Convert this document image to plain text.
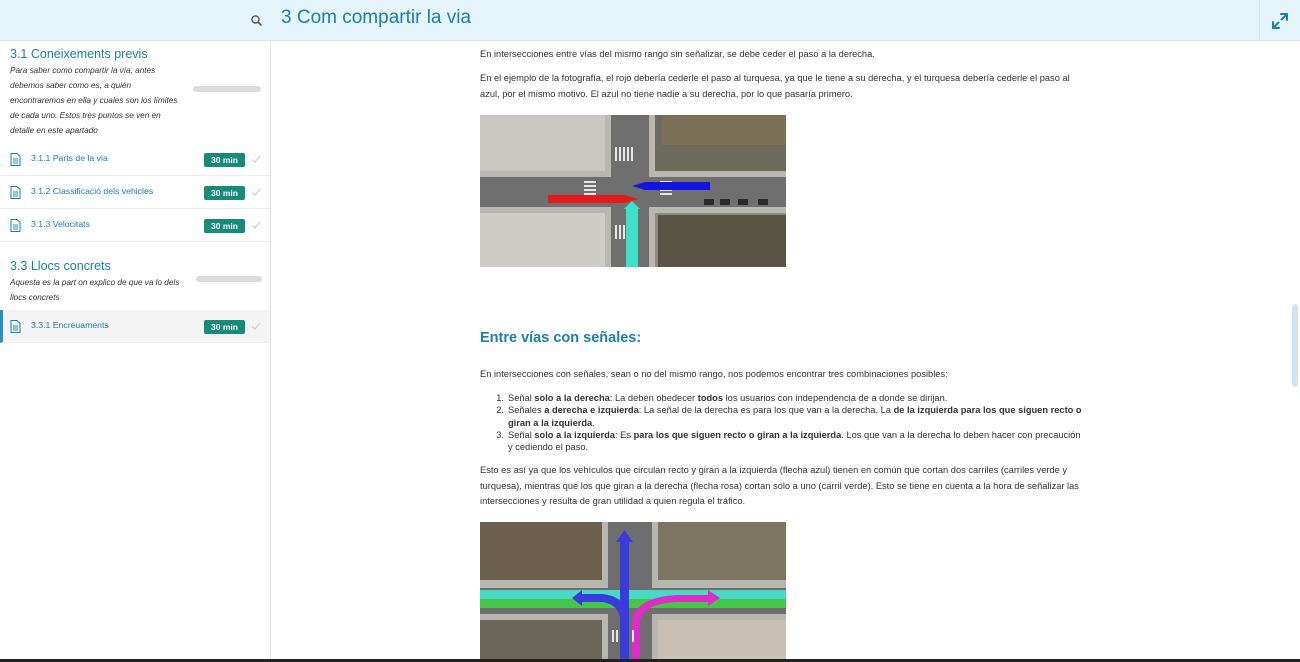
3 Com compartir la via
3.1 Coneixements previs
Para saber como compartir la vía, antes debemos saber como es, a quién encontraremos en ella y cuales son los límites de cada uno. Estos tres puntos se ven en detalle en este apartado
3.1.1 Parts de la via	30 min
3.1.2 Classificació dels vehicles	30 min
3.1.3 Velocitats	30 min
3.3 Llocs concrets
Aquesta es la part on explico de que va lo dels llocs concrets
3.3.1 Encreuaments	30 min

En intersecciones entre vías del mismo rango sin señalizar, se debe ceder el paso a la derecha.

En el ejemplo de la fotografía, el rojo debería cederle el paso al turquesa, ya que le tiene a su derecha, y el turquesa debería cederle el paso al azul, por el mismo motivo. El azul no tiene nadie a su derecha, por lo que pasaría primero.

Entre vías con señales:

En intersecciones con señales, sean o no del mismo rango, nos podemos encontrar tres combinaciones posibles:

1. Señal solo a la derecha: La deben obedecer todos los usuarios con independencia de a donde se dirijan.
2. Señales a derecha e izquierda: La señal de la derecha es para los que van a la derecha. La de la izquierda para los que siguen recto o giran a la izquierda.
3. Señal solo a la izquierda: Es para los que siguen recto o giran a la izquierda. Los que van a la derecha lo deben hacer con precaución y cediendo el paso.

Esto es así ya que los vehículos que circulan recto y giran a la izquierda (flecha azul) tienen en común que cortan dos carriles (carriles verde y turquesa), mientras que los que giran a la derecha (flecha rosa) cortan solo a uno (carril verde). Esto se tiene en cuenta a la hora de señalizar las intersecciones y resulta de gran utilidad a quien regula el tráfico.
